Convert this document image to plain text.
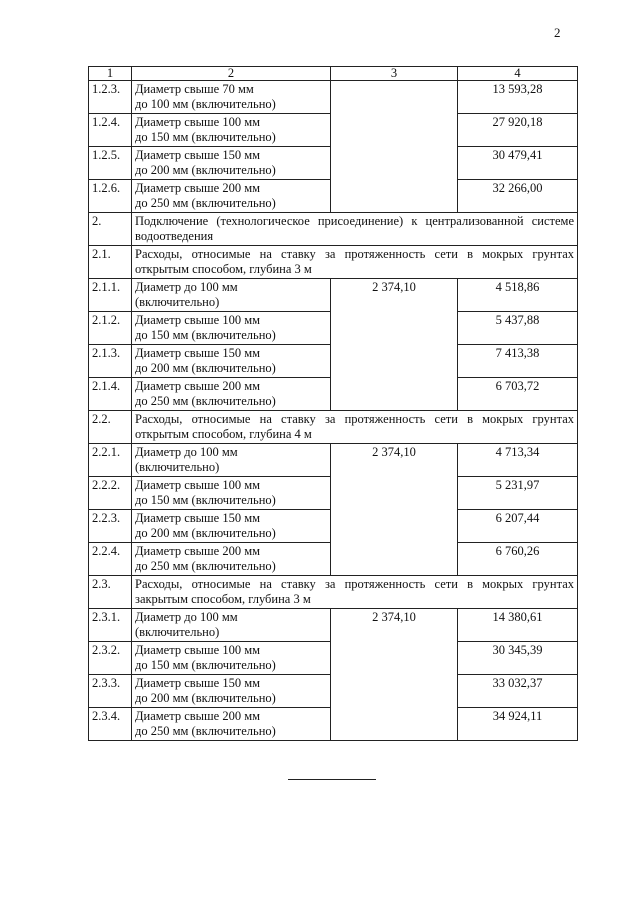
2
1	2	3	4
1.2.3.	Диаметр свыше 70 мм
до 100 мм (включительно)		13 593,28
1.2.4.	Диаметр свыше 100 мм
до 150 мм (включительно)		27 920,18
1.2.5.	Диаметр свыше 150 мм
до 200 мм (включительно)		30 479,41
1.2.6.	Диаметр свыше 200 мм
до 250 мм (включительно)		32 266,00
2.	Подключение (технологическое присоединение) к централизованной системе водоотведения		
2.1.	Расходы, относимые на ставку за протяженность сети в мокрых грунтах открытым способом, глубина 3 м		
2.1.1.	Диаметр до 100 мм
(включительно)	2 374,10	4 518,86
2.1.2.	Диаметр свыше 100 мм
до 150 мм (включительно)		5 437,88
2.1.3.	Диаметр свыше 150 мм
до 200 мм (включительно)		7 413,38
2.1.4.	Диаметр свыше 200 мм
до 250 мм (включительно)		6 703,72
2.2.	Расходы, относимые на ставку за протяженность сети в мокрых грунтах открытым способом, глубина 4 м		
2.2.1.	Диаметр до 100 мм
(включительно)	2 374,10	4 713,34
2.2.2.	Диаметр свыше 100 мм
до 150 мм (включительно)		5 231,97
2.2.3.	Диаметр свыше 150 мм
до 200 мм (включительно)		6 207,44
2.2.4.	Диаметр свыше 200 мм
до 250 мм (включительно)		6 760,26
2.3.	Расходы, относимые на ставку за протяженность сети в мокрых грунтах закрытым способом, глубина 3 м		
2.3.1.	Диаметр до 100 мм
(включительно)	2 374,10	14 380,61
2.3.2.	Диаметр свыше 100 мм
до 150 мм (включительно)		30 345,39
2.3.3.	Диаметр свыше 150 мм
до 200 мм (включительно)		33 032,37
2.3.4.	Диаметр свыше 200 мм
до 250 мм (включительно)		34 924,11
